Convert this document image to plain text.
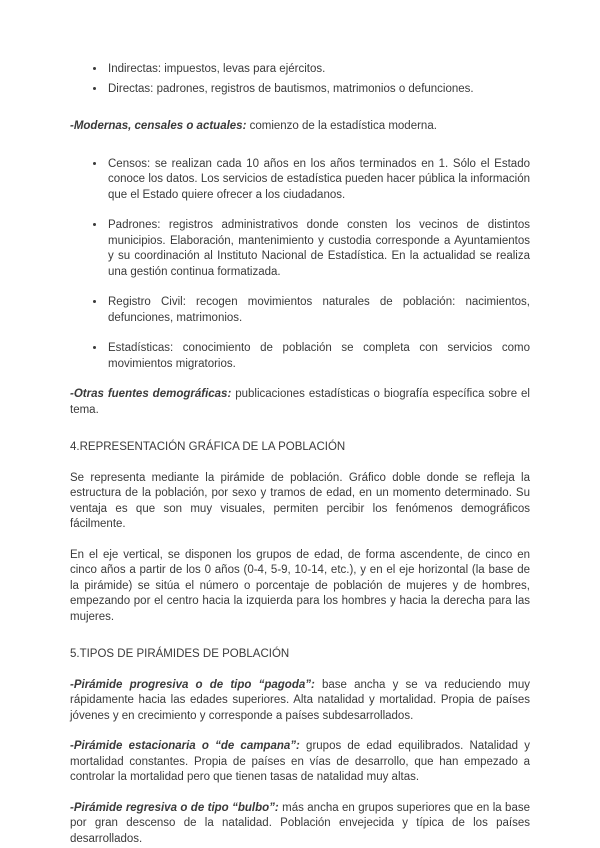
• Indirectas: impuestos, levas para ejércitos.
• Directas: padrones, registros de bautismos, matrimonios o defunciones.

-Modernas, censales o actuales: comienzo de la estadística moderna.

• Censos: se realizan cada 10 años en los años terminados en 1. Sólo el Estado conoce los datos. Los servicios de estadística pueden hacer pública la información que el Estado quiere ofrecer a los ciudadanos.
• Padrones: registros administrativos donde consten los vecinos de distintos municipios. Elaboración, mantenimiento y custodia corresponde a Ayuntamientos y su coordinación al Instituto Nacional de Estadística. En la actualidad se realiza una gestión continua formatizada.
• Registro Civil: recogen movimientos naturales de población: nacimientos, defunciones, matrimonios.
• Estadísticas: conocimiento de población se completa con servicios como movimientos migratorios.

-Otras fuentes demográficas: publicaciones estadísticas o biografía específica sobre el tema.

4.REPRESENTACIÓN GRÁFICA DE LA POBLACIÓN

Se representa mediante la pirámide de población. Gráfico doble donde se refleja la estructura de la población, por sexo y tramos de edad, en un momento determinado. Su ventaja es que son muy visuales, permiten percibir los fenómenos demográficos fácilmente.

En el eje vertical, se disponen los grupos de edad, de forma ascendente, de cinco en cinco años a partir de los 0 años (0-4, 5-9, 10-14, etc.), y en el eje horizontal (la base de la pirámide) se sitúa el número o porcentaje de población de mujeres y de hombres, empezando por el centro hacia la izquierda para los hombres y hacia la derecha para las mujeres.

5.TIPOS DE PIRÁMIDES DE POBLACIÓN

-Pirámide progresiva o de tipo “pagoda”: base ancha y se va reduciendo muy rápidamente hacia las edades superiores. Alta natalidad y mortalidad. Propia de países jóvenes y en crecimiento y corresponde a países subdesarrollados.

-Pirámide estacionaria o “de campana”: grupos de edad equilibrados. Natalidad y mortalidad constantes. Propia de países en vías de desarrollo, que han empezado a controlar la mortalidad pero que tienen tasas de natalidad muy altas.

-Pirámide regresiva o de tipo “bulbo”: más ancha en grupos superiores que en la base por gran descenso de la natalidad. Población envejecida y típica de los países desarrollados.
